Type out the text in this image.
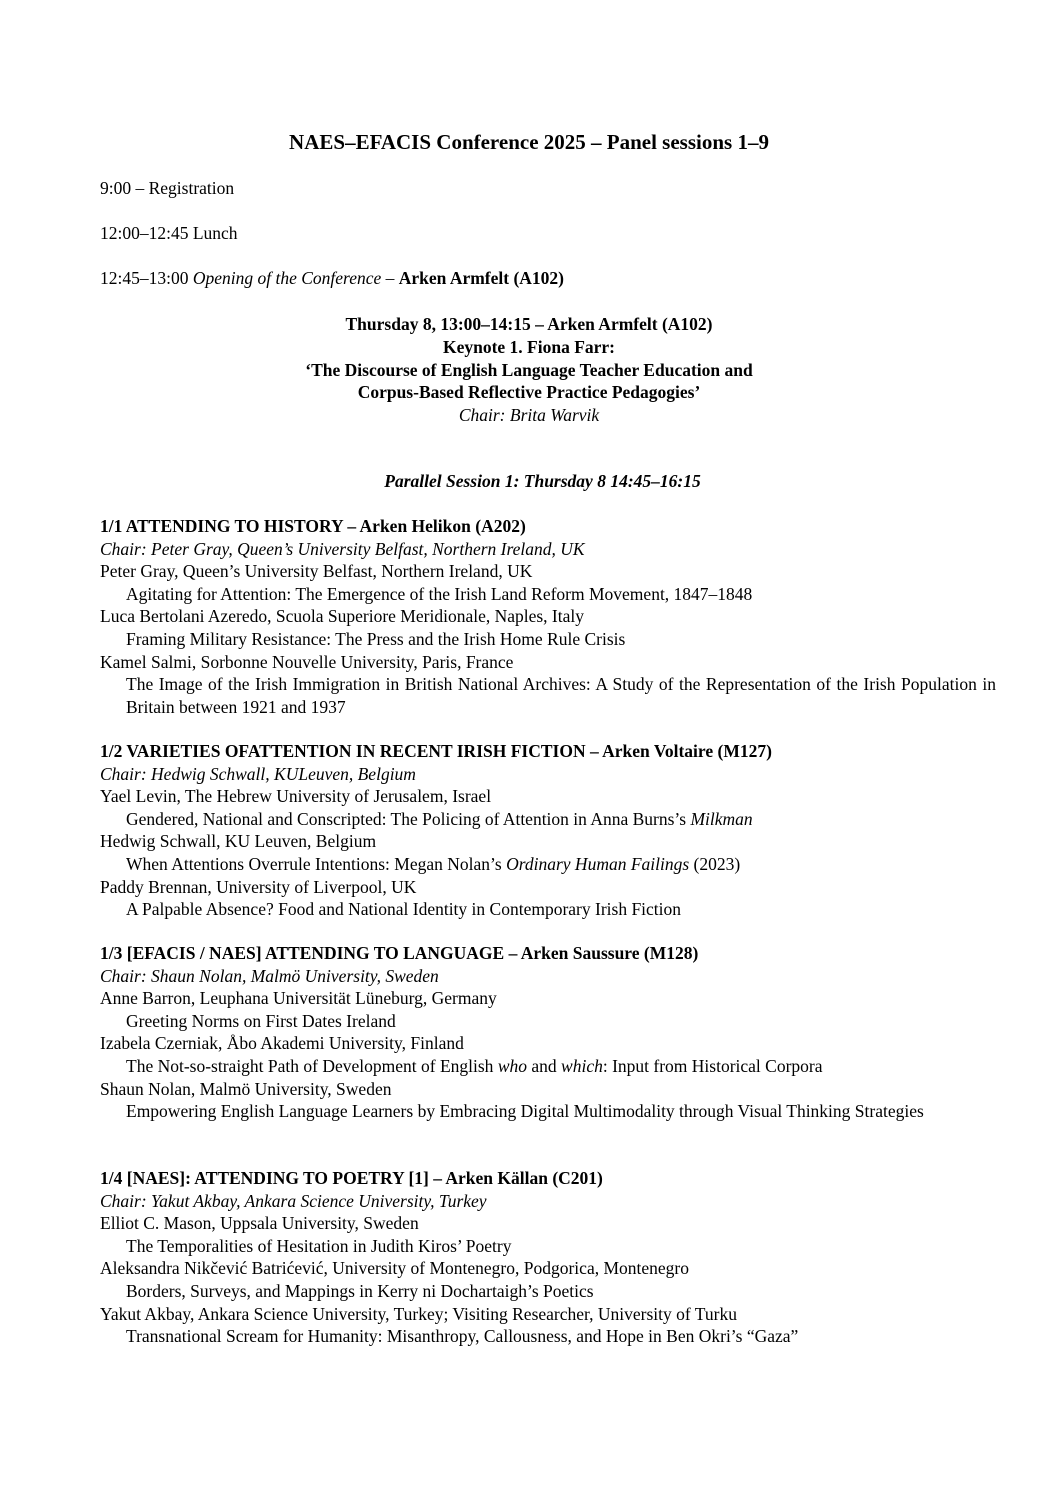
NAES–EFACIS Conference 2025 – Panel sessions 1–9
9:00 – Registration
12:00–12:45 Lunch
12:45–13:00 Opening of the Conference – Arken Armfelt (A102)
Thursday 8, 13:00–14:15 – Arken Armfelt (A102)
Keynote 1. Fiona Farr:
‘The Discourse of English Language Teacher Education and
Corpus-Based Reflective Practice Pedagogies’
Chair: Brita Warvik
Parallel Session 1: Thursday 8 14:45–16:15
1/1 ATTENDING TO HISTORY – Arken Helikon (A202)
Chair: Peter Gray, Queen’s University Belfast, Northern Ireland, UK
Peter Gray, Queen’s University Belfast, Northern Ireland, UK
Agitating for Attention: The Emergence of the Irish Land Reform Movement, 1847–1848
Luca Bertolani Azeredo, Scuola Superiore Meridionale, Naples, Italy
Framing Military Resistance: The Press and the Irish Home Rule Crisis
Kamel Salmi, Sorbonne Nouvelle University, Paris, France
The Image of the Irish Immigration in British National Archives: A Study of the Representation of the Irish Population in Britain between 1921 and 1937
1/2 VARIETIES OFATTENTION IN RECENT IRISH FICTION – Arken Voltaire (M127)
Chair: Hedwig Schwall, KULeuven, Belgium
Yael Levin, The Hebrew University of Jerusalem, Israel
Gendered, National and Conscripted: The Policing of Attention in Anna Burns’s Milkman
Hedwig Schwall, KU Leuven, Belgium
When Attentions Overrule Intentions: Megan Nolan’s Ordinary Human Failings (2023)
Paddy Brennan, University of Liverpool, UK
A Palpable Absence? Food and National Identity in Contemporary Irish Fiction
1/3 [EFACIS / NAES] ATTENDING TO LANGUAGE – Arken Saussure (M128)
Chair: Shaun Nolan, Malmö University, Sweden
Anne Barron, Leuphana Universität Lüneburg, Germany
Greeting Norms on First Dates Ireland
Izabela Czerniak, Åbo Akademi University, Finland
The Not-so-straight Path of Development of English who and which: Input from Historical Corpora
Shaun Nolan, Malmö University, Sweden
Empowering English Language Learners by Embracing Digital Multimodality through Visual Thinking Strategies
1/4 [NAES]: ATTENDING TO POETRY [1] – Arken Källan (C201)
Chair: Yakut Akbay, Ankara Science University, Turkey
Elliot C. Mason, Uppsala University, Sweden
The Temporalities of Hesitation in Judith Kiros’ Poetry
Aleksandra Nikčević Batrićević, University of Montenegro, Podgorica, Montenegro
Borders, Surveys, and Mappings in Kerry ni Dochartaigh’s Poetics
Yakut Akbay, Ankara Science University, Turkey; Visiting Researcher, University of Turku
Transnational Scream for Humanity: Misanthropy, Callousness, and Hope in Ben Okri’s “Gaza”
